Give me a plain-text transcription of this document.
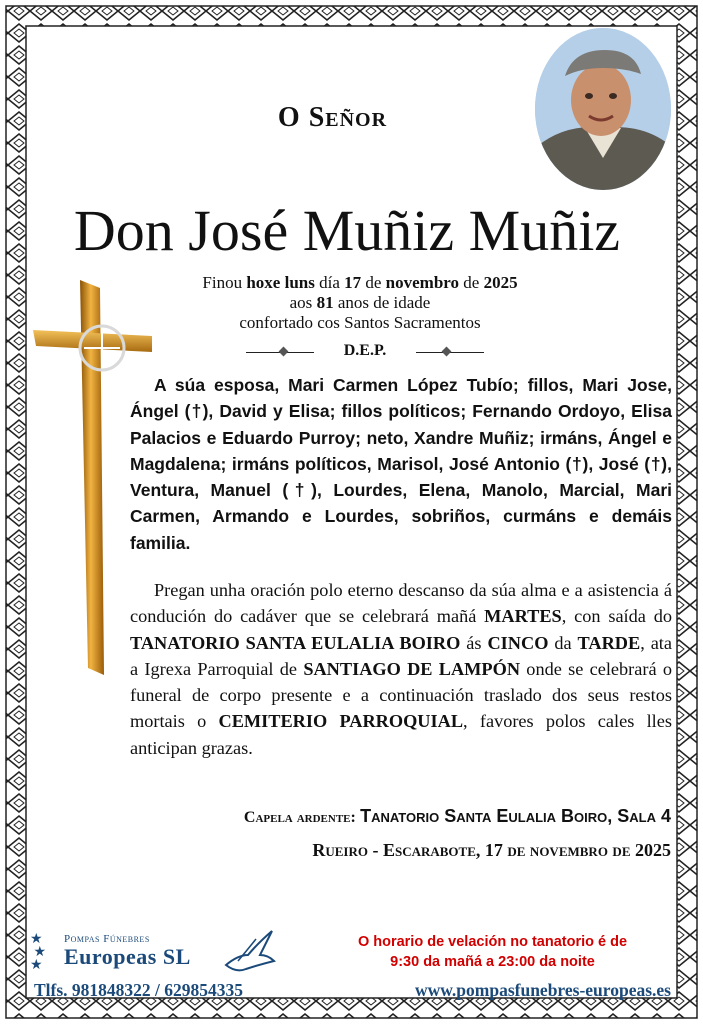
O Señor
Don José Muñiz Muñiz
Finou hoxe luns día 17 de novembro de 2025
aos 81 anos de idade
confortado cos Santos Sacramentos
D.E.P.
A súa esposa, Mari Carmen López Tubío; fillos, Mari Jose, Ángel (†), David y Elisa; fillos políticos; Fernando Ordoyo, Elisa Palacios e Eduardo Purroy; neto, Xandre Muñiz; irmáns, Ángel e Magdalena; irmáns políticos, Marisol, José Antonio (†), José (†), Ventura, Manuel (†), Lourdes, Elena, Manolo, Marcial, Mari Carmen, Armando e Lourdes, sobriños, curmáns e demáis familia.
Pregan unha oración polo eterno descanso da súa alma e a asistencia á condución do cadáver que se celebrará mañá MARTES, con saída do TANATORIO SANTA EULALIA BOIRO ás CINCO da TARDE, ata a Igrexa Parroquial de SANTIAGO DE LAMPÓN onde se celebrará o funeral de corpo presente e a continuación traslado dos seus restos mortais o CEMITERIO PARROQUIAL, favores polos cales lles anticipan grazas.
Capela ardente: Tanatorio Santa Eulalia Boiro, Sala 4
Rueiro - Escarabote, 17 de novembro de 2025
★
★
★
Pompas Fúnebres
Europeas SL
O horario de velación no tanatorio é de
9:30 da mañá a 23:00 da noite
Tlfs. 981848322 / 629854335	www.pompasfunebres-europeas.es
